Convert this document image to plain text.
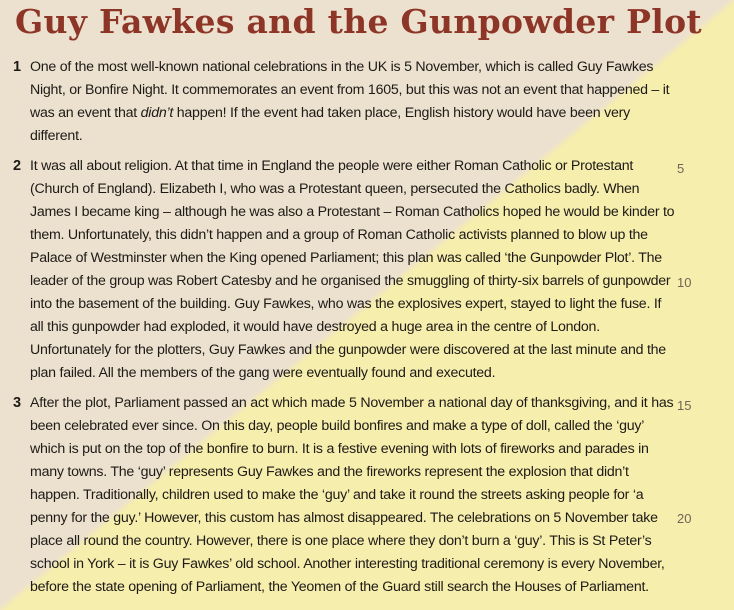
Guy Fawkes and the Gunpowder Plot
1 One of the most well-known national celebrations in the UK is 5 November, which is called Guy Fawkes Night, or Bonfire Night. It commemorates an event from 1605, but this was not an event that happened – it was an event that didn’t happen! If the event had taken place, English history would have been very different.

2 It was all about religion. At that time in England the people were either Roman Catholic or Protestant (Church of England). Elizabeth I, who was a Protestant queen, persecuted the Catholics badly. When James I became king – although he was also a Protestant – Roman Catholics hoped he would be kinder to them. Unfortunately, this didn’t happen and a group of Roman Catholic activists planned to blow up the Palace of Westminster when the King opened Parliament; this plan was called ‘the Gunpowder Plot’. The leader of the group was Robert Catesby and he organised the smuggling of thirty-six barrels of gunpowder into the basement of the building. Guy Fawkes, who was the explosives expert, stayed to light the fuse. If all this gunpowder had exploded, it would have destroyed a huge area in the centre of London. Unfortunately for the plotters, Guy Fawkes and the gunpowder were discovered at the last minute and the plan failed. All the members of the gang were eventually found and executed.

3 After the plot, Parliament passed an act which made 5 November a national day of thanksgiving, and it has been celebrated ever since. On this day, people build bonfires and make a type of doll, called the ‘guy’ which is put on the top of the bonfire to burn. It is a festive evening with lots of fireworks and parades in many towns. The ‘guy’ represents Guy Fawkes and the fireworks represent the explosion that didn’t happen. Traditionally, children used to make the ‘guy’ and take it round the streets asking people for ‘a penny for the guy.’ However, this custom has almost disappeared. The celebrations on 5 November take place all round the country. However, there is one place where they don’t burn a ‘guy’. This is St Peter’s school in York – it is Guy Fawkes’ old school. Another interesting traditional ceremony is every November, before the state opening of Parliament, the Yeomen of the Guard still search the Houses of Parliament.

5
10
15
20
